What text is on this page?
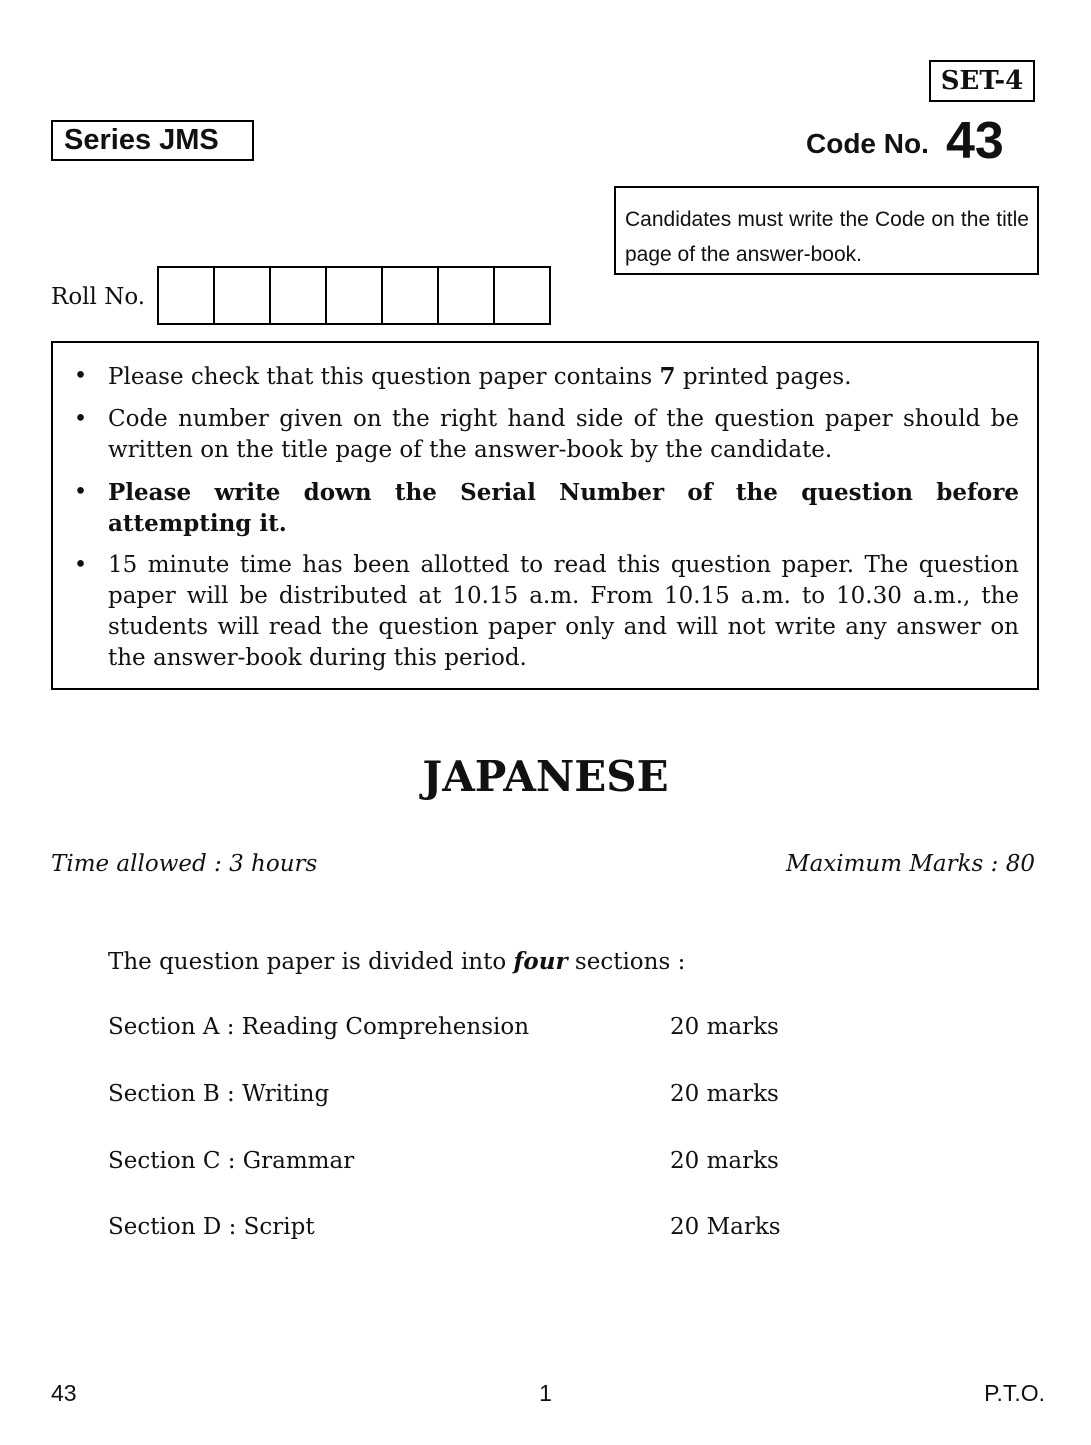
SET-4
Series JMS	Code No. 43
Candidates must write the Code on the title page of the answer-book.
Roll No.
• Please check that this question paper contains 7 printed pages.
• Code number given on the right hand side of the question paper should be written on the title page of the answer-book by the candidate.
• Please write down the Serial Number of the question before attempting it.
• 15 minute time has been allotted to read this question paper. The question paper will be distributed at 10.15 a.m. From 10.15 a.m. to 10.30 a.m., the students will read the question paper only and will not write any answer on the answer-book during this period.
JAPANESE
Time allowed : 3 hours	Maximum Marks : 80
The question paper is divided into four sections :
Section A : Reading Comprehension	20 marks
Section B : Writing	20 marks
Section C : Grammar	20 marks
Section D : Script	20 Marks
43	1	P.T.O.
